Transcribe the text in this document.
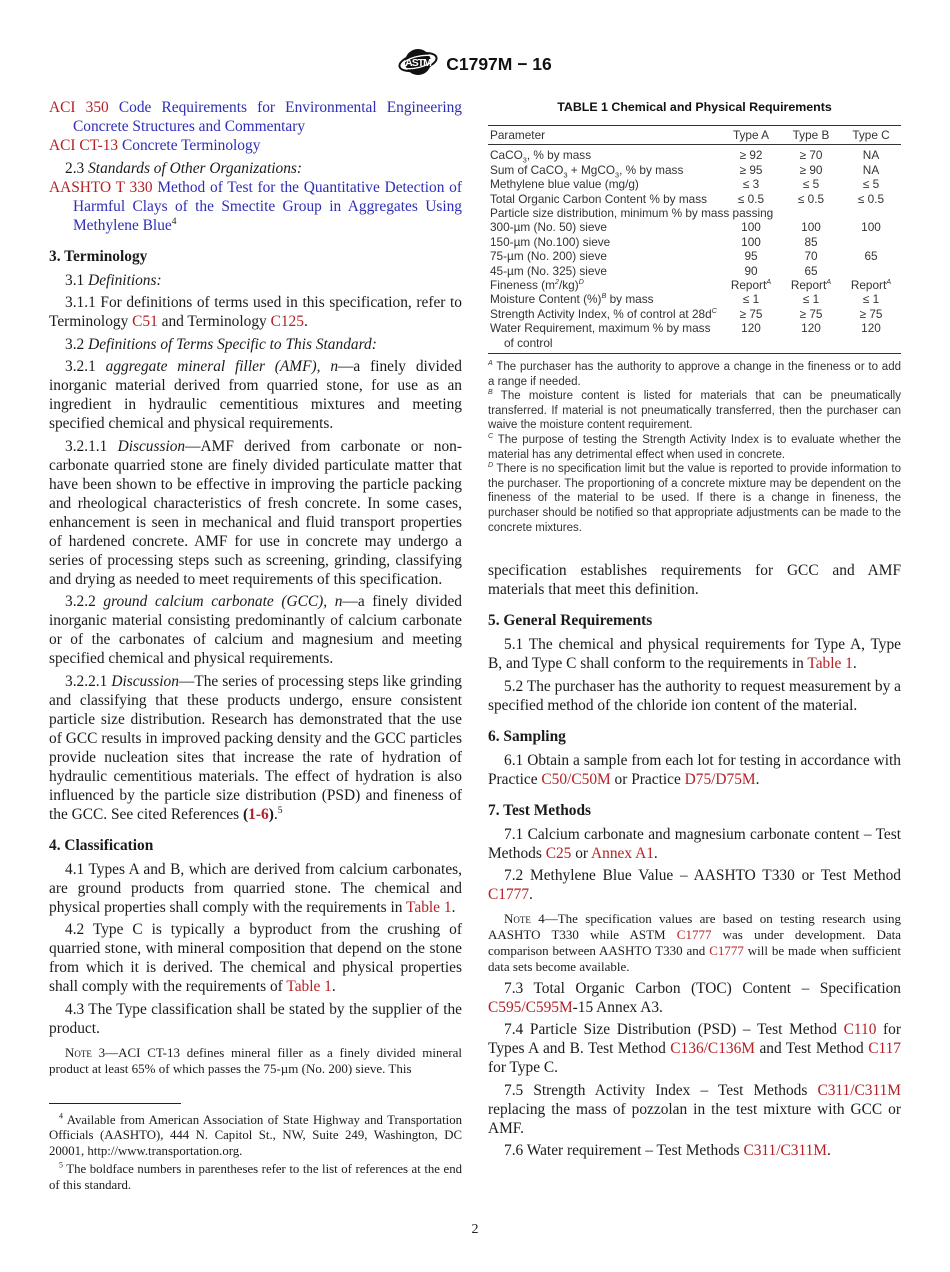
ASTM C1797M − 16

ACI 350 Code Requirements for Environmental Engineering Concrete Structures and Commentary

ACI CT-13 Concrete Terminology

2.3 Standards of Other Organizations:

AASHTO T 330 Method of Test for the Quantitative Detection of Harmful Clays of the Smectite Group in Aggregates Using Methylene Blue$^4$

3. Terminology

3.1 Definitions:

3.1.1 For definitions of terms used in this specification, refer to Terminology C51 and Terminology C125.

3.2 Definitions of Terms Specific to This Standard:

3.2.1 aggregate mineral filler (AMF), n—a finely divided inorganic material derived from quarried stone, for use as an ingredient in hydraulic cementitious mixtures and meeting specified chemical and physical requirements.

3.2.1.1 Discussion—AMF derived from carbonate or non-carbonate quarried stone are finely divided particulate matter that have been shown to be effective in improving the particle packing and rheological characteristics of fresh concrete. In some cases, enhancement is seen in mechanical and fluid transport properties of hardened concrete. AMF for use in concrete may undergo a series of processing steps such as screening, grinding, classifying and drying as needed to meet requirements of this specification.

3.2.2 ground calcium carbonate (GCC), n—a finely divided inorganic material consisting predominantly of calcium carbonate or of the carbonates of calcium and magnesium and meeting specified chemical and physical requirements.

3.2.2.1 Discussion—The series of processing steps like grinding and classifying that these products undergo, ensure consistent particle size distribution. Research has demonstrated that the use of GCC results in improved packing density and the GCC particles provide nucleation sites that increase the rate of hydration of hydraulic cementitious materials. The effect of hydration is also influenced by the particle size distribution (PSD) and fineness of the GCC. See cited References (1-6).$^5$

4. Classification

4.1 Types A and B, which are derived from calcium carbonates, are ground products from quarried stone. The chemical and physical properties shall comply with the requirements in Table 1.

4.2 Type C is typically a byproduct from the crushing of quarried stone, with mineral composition that depend on the stone from which it is derived. The chemical and physical properties shall comply with the requirements of Table 1.

4.3 The Type classification shall be stated by the supplier of the product.

Note 3—ACI CT-13 defines mineral filler as a finely divided mineral product at least 65% of which passes the 75-µm (No. 200) sieve. This

$^4$ Available from American Association of State Highway and Transportation Officials (AASHTO), 444 N. Capitol St., NW, Suite 249, Washington, DC 20001, http://www.transportation.org.

$^5$ The boldface numbers in parentheses refer to the list of references at the end of this standard.

TABLE 1 Chemical and Physical Requirements
Parameter	Type A	Type B	Type C
CaCO$_3$, % by mass	≥ 92	≥ 70	NA
Sum of CaCO$_3$ + MgCO$_3$, % by mass	≥ 95	≥ 90	NA
Methylene blue value (mg/g)	≤ 3	≤ 5	≤ 5
Total Organic Carbon Content % by mass	≤ 0.5	≤ 0.5	≤ 0.5
Particle size distribution, minimum % by mass passing			
300-µm (No. 50) sieve	100	100	100
150-µm (No.100) sieve	100	85	
75-µm (No. 200) sieve	95	70	65
45-µm (No. 325) sieve	90	65	
Fineness $(m^2/kg)^D$	Report$^A$	Report$^A$	Report$^A$
Moisture Content (%)$^B$ by mass	≤ 1	≤ 1	≤ 1
Strength Activity Index, % of control at $28d^C$	≥ 75	≥ 75	≥ 75
Water Requirement, maximum % by mass of control	120	120	120

$^A$ The purchaser has the authority to approve a change in the fineness or to add a range if needed.

$^B$ The moisture content is listed for materials that can be pneumatically transferred. If material is not pneumatically transferred, then the purchaser can waive the moisture content requirement.

$^C$ The purpose of testing the Strength Activity Index is to evaluate whether the material has any detrimental effect when used in concrete.

$^D$ There is no specification limit but the value is reported to provide information to the purchaser. The proportioning of a concrete mixture may be dependent on the fineness of the material to be used. If there is a change in fineness, the purchaser should be notified so that appropriate adjustments can be made to the concrete mixtures.

specification establishes requirements for GCC and AMF materials that meet this definition.

5. General Requirements

5.1 The chemical and physical requirements for Type A, Type B, and Type C shall conform to the requirements in Table 1.

5.2 The purchaser has the authority to request measurement by a specified method of the chloride ion content of the material.

6. Sampling

6.1 Obtain a sample from each lot for testing in accordance with Practice C50/C50M or Practice D75/D75M.

7. Test Methods

7.1 Calcium carbonate and magnesium carbonate content – Test Methods C25 or Annex A1.

7.2 Methylene Blue Value – AASHTO T330 or Test Method C1777.

Note 4—The specification values are based on testing research using AASHTO T330 while ASTM C1777 was under development. Data comparison between AASHTO T330 and C1777 will be made when sufficient data sets become available.

7.3 Total Organic Carbon (TOC) Content – Specification C595/C595M-15 Annex A3.

7.4 Particle Size Distribution (PSD) – Test Method C110 for Types A and B. Test Method C136/C136M and Test Method C117 for Type C.

7.5 Strength Activity Index – Test Methods C311/C311M replacing the mass of pozzolan in the test mixture with GCC or AMF.

7.6 Water requirement – Test Methods C311/C311M.

2
